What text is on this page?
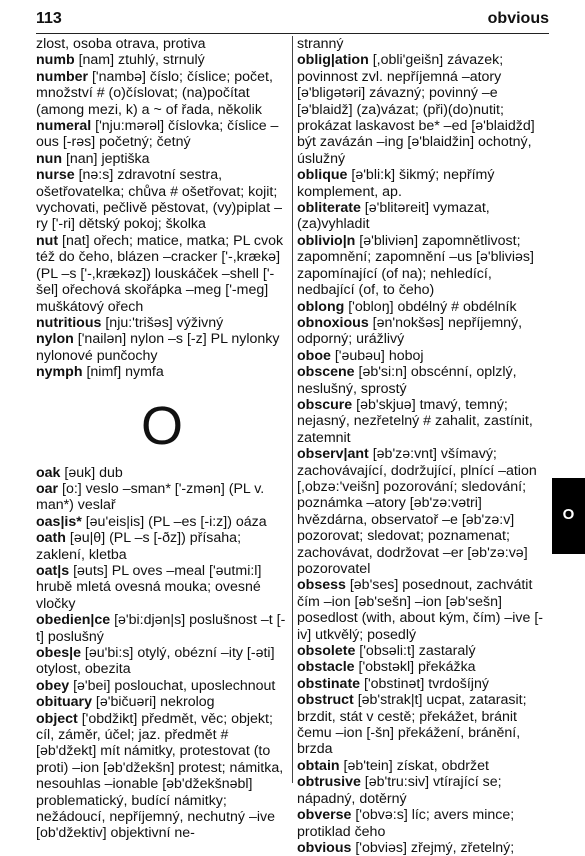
113	obvious
zlost, osoba otrava, protiva
numb [nam] ztuhlý, strnulý
number ['nambə] číslo; číslice; počet, množství # (o)číslovat; (na)počítat (among mezi, k) a ~ of řada, několik
numeral ['nju:mərəl] číslovka; číslice –ous [-rəs] početný; četný
nun [nan] jeptiška
nurse [nə:s] zdravotní sestra, ošetřovatelka; chůva # ošetřovat; kojit; vychovati, pečlivě pěstovat, (vy)piplat –ry ['-ri] dětský pokoj; školka
nut [nat] ořech; matice, matka; PL cvok též do čeho, blázen –cracker ['-,krækə] (PL –s ['-,krækəz]) louskáček –shell ['-šel] ořechová skořápka –meg ['-meg] muškátový ořech
nutritious [nju:'trišəs] výživný
nylon ['nailən] nylon –s [-z] PL nylonky nylonové punčochy
nymph [nimf] nymfa
O
oak [əuk] dub
oar [o:] veslo –sman* ['-zmən] (PL v. man*) veslař
oas|is* [əu'eis|is] (PL –es [-i:z]) oáza
oath [əu|θ] (PL –s [-ðz]) přísaha; zaklení, kletba
oat|s [əuts] PL oves –meal ['əutmi:l] hrubě mletá ovesná mouka; ovesné vločky
obedien|ce [ə'bi:djən|s] poslušnost –t [-t] poslušný
obes|e [əu'bi:s] otylý, obézní –ity [-əti] otylost, obezita
obey [ə'bei] poslouchat, uposlechnout
obituary [ə'bičuəri] nekrolog
object ['obdžikt] předmět, věc; objekt; cíl, záměr, účel; jaz. předmět # [əb'džekt] mít námitky, protestovat (to proti) –ion [əb'džekšn] protest; námitka, nesouhlas –ionable [əb'džekšnəbl] problematický, budící námitky; nežádoucí, nepříjemný, nechutný –ive [ob'džektiv] objektivní ne-
stranný
oblig|ation [,obli'geišn] závazek; povinnost zvl. nepříjemná –atory [ə'bligətəri] závazný; povinný –e [ə'blaidž] (za)vázat; (při)(do)nutit; prokázat laskavost be* –ed [ə'blaidžd] být zavázán –ing [ə'blaidžin] ochotný, úslužný
oblique [ə'bli:k] šikmý; nepřímý komplement, ap.
obliterate [ə'blitəreit] vymazat, (za)vyhladit
oblivio|n [ə'bliviən] zapomnětlivost; zapomnění; zapomnění –us [ə'bliviəs] zapomínající (of na); nehledící, nedbající (of, to čeho)
oblong ['obloŋ] obdélný # obdélník
obnoxious [ən'nokšəs] nepříjemný, odporný; urážlivý
oboe ['əubəu] hoboj
obscene [əb'si:n] obscénní, oplzlý, neslušný, sprostý
obscure [əb'skjuə] tmavý, temný; nejasný, nezřetelný # zahalit, zastínit, zatemnit
observ|ant [əb'zə:vnt] všímavý; zachovávající, dodržující, plnící –ation [,obzə:'veišn] pozorování; sledování; poznámka –atory [əb'zə:vətri] hvězdárna, observatoř –e [əb'zə:v] pozorovat; sledovat; poznamenat; zachovávat, dodržovat –er [əb'zə:və] pozorovatel
obsess [əb'ses] posednout, zachvátit čím –ion [əb'sešn] –ion [əb'sešn] posedlost (with, about kým, čím) –ive [-iv] utkvělý; posedlý
obsolete ['obsəli:t] zastaralý
obstacle ['obstəkl] překážka
obstinate ['obstinət] tvrdošíjný
obstruct [əb'strak|t] ucpat, zatarasit; brzdit, stát v cestě; překážet, bránit čemu –ion [-šn] překážení, bránění, brzda
obtain [əb'tein] získat, obdržet
obtrusive [əb'tru:siv] vtírající se; nápadný, dotěrný
obverse ['obvə:s] líc; avers mince; protiklad čeho
obvious ['obviəs] zřejmý, zřetelný;
O
